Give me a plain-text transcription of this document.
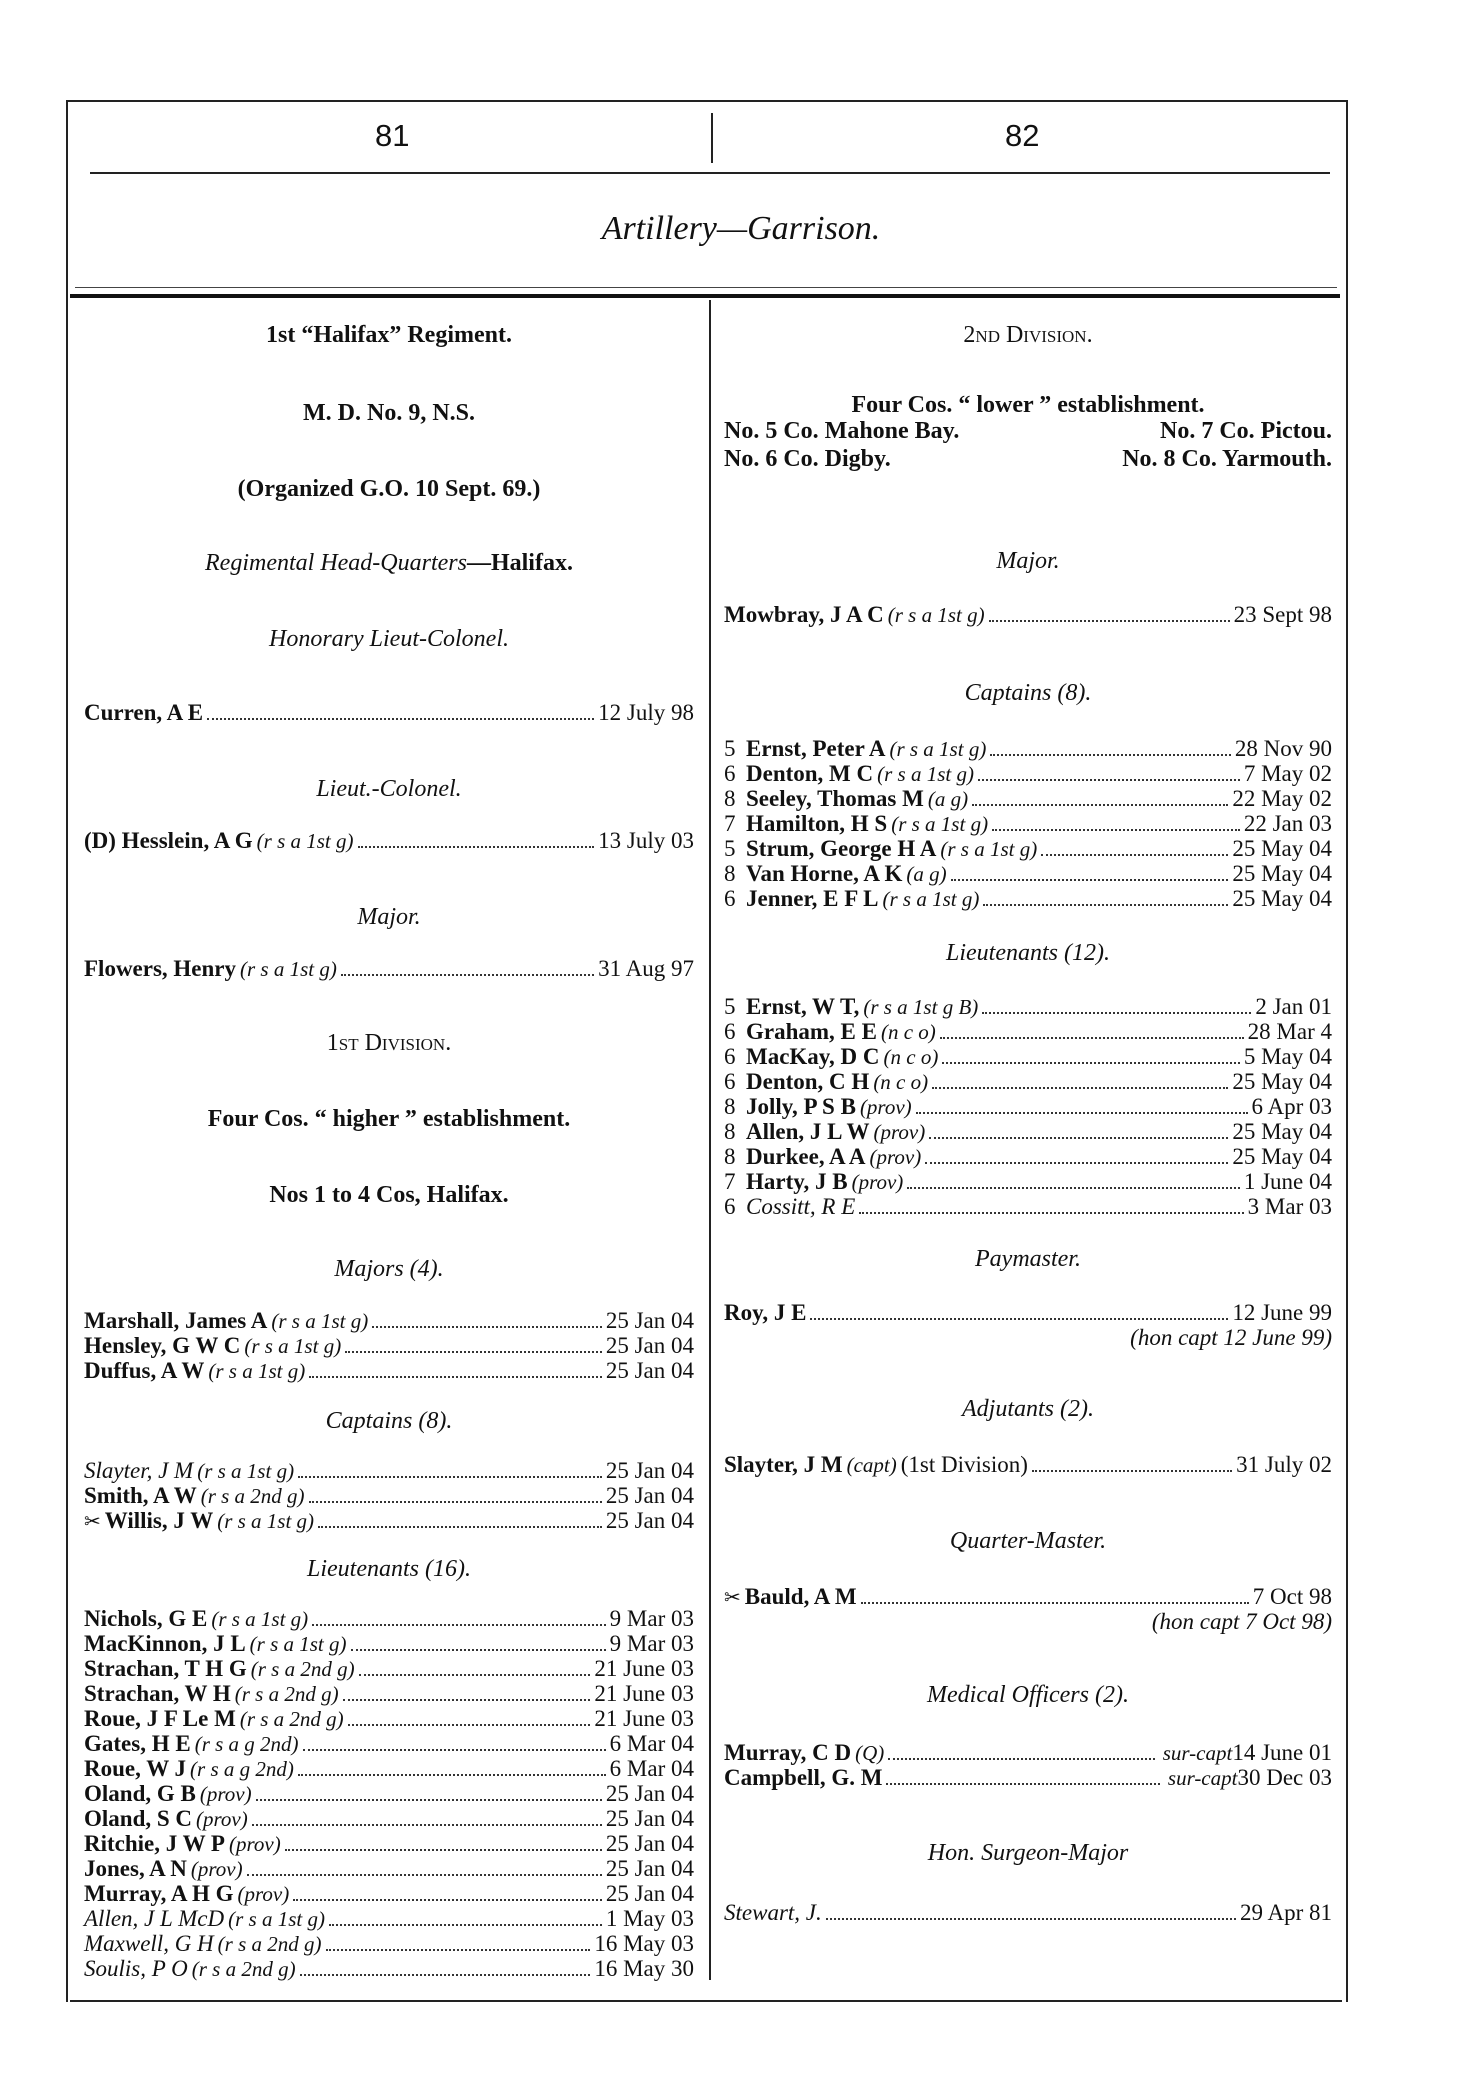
81	82
Artillery—Garrison.
1st “Halifax” Regiment.
M. D. No. 9, N.S.
(Organized G.O. 10 Sept. 69.)
Regimental Head-Quarters—Halifax.
Honorary Lieut-Colonel.
Curren, A E	12 July 98
Lieut.-Colonel.
(D) Hesslein, A G (r s a 1st g)	13 July 03
Major.
Flowers, Henry (r s a 1st g)	31 Aug 97
1st Division.
Four Cos. “ higher ” establishment.
Nos 1 to 4 Cos, Halifax.
Majors (4).
Marshall, James A (r s a 1st g)	25 Jan 04
Hensley, G W C (r s a 1st g)	25 Jan 04
Duffus, A W (r s a 1st g)	25 Jan 04
Captains (8).
Slayter, J M (r s a 1st g)	25 Jan 04
Smith, A W (r s a 2nd g)	25 Jan 04
✂ Willis, J W (r s a 1st g)	25 Jan 04
Lieutenants (16).
Nichols, G E (r s a 1st g)	9 Mar 03
MacKinnon, J L (r s a 1st g)	9 Mar 03
Strachan, T H G (r s a 2nd g)	21 June 03
Strachan, W H (r s a 2nd g)	21 June 03
Roue, J F Le M (r s a 2nd g)	21 June 03
Gates, H E (r s a g 2nd)	6 Mar 04
Roue, W J (r s a g 2nd)	6 Mar 04
Oland, G B (prov)	25 Jan 04
Oland, S C (prov)	25 Jan 04
Ritchie, J W P (prov)	25 Jan 04
Jones, A N (prov)	25 Jan 04
Murray, A H G (prov)	25 Jan 04
Allen, J L McD (r s a 1st g)	1 May 03
Maxwell, G H (r s a 2nd g)	16 May 03
Soulis, P O (r s a 2nd g)	16 May 30
2nd Division.
Four Cos. “ lower ” establishment.
No. 5 Co. Mahone Bay.	No. 7 Co. Pictou.
No. 6 Co. Digby.	No. 8 Co. Yarmouth.
Major.
Mowbray, J A C (r s a 1st g)	23 Sept 98
Captains (8).
5 Ernst, Peter A (r s a 1st g)	28 Nov 90
6 Denton, M C (r s a 1st g)	7 May 02
8 Seeley, Thomas M (a g)	22 May 02
7 Hamilton, H S (r s a 1st g)	22 Jan 03
5 Strum, George H A (r s a 1st g)	25 May 04
8 Van Horne, A K (a g)	25 May 04
6 Jenner, E F L (r s a 1st g)	25 May 04
Lieutenants (12).
5 Ernst, W T, (r s a 1st g B)	2 Jan 01
6 Graham, E E (n c o)	28 Mar 4
6 MacKay, D C (n c o)	5 May 04
6 Denton, C H (n c o)	25 May 04
8 Jolly, P S B (prov)	6 Apr 03
8 Allen, J L W (prov)	25 May 04
8 Durkee, A A (prov)	25 May 04
7 Harty, J B (prov)	1 June 04
6 Cossitt, R E	3 Mar 03
Paymaster.
Roy, J E	12 June 99
(hon capt 12 June 99)
Adjutants (2).
Slayter, J M (capt) (1st Division)	31 July 02
Quarter-Master.
✂ Bauld, A M	7 Oct 98
(hon capt 7 Oct 98)
Medical Officers (2).
Murray, C D (Q)	sur-capt 14 June 01
Campbell, G. M	sur-capt 30 Dec 03
Hon. Surgeon-Major
Stewart, J.	29 Apr 81
